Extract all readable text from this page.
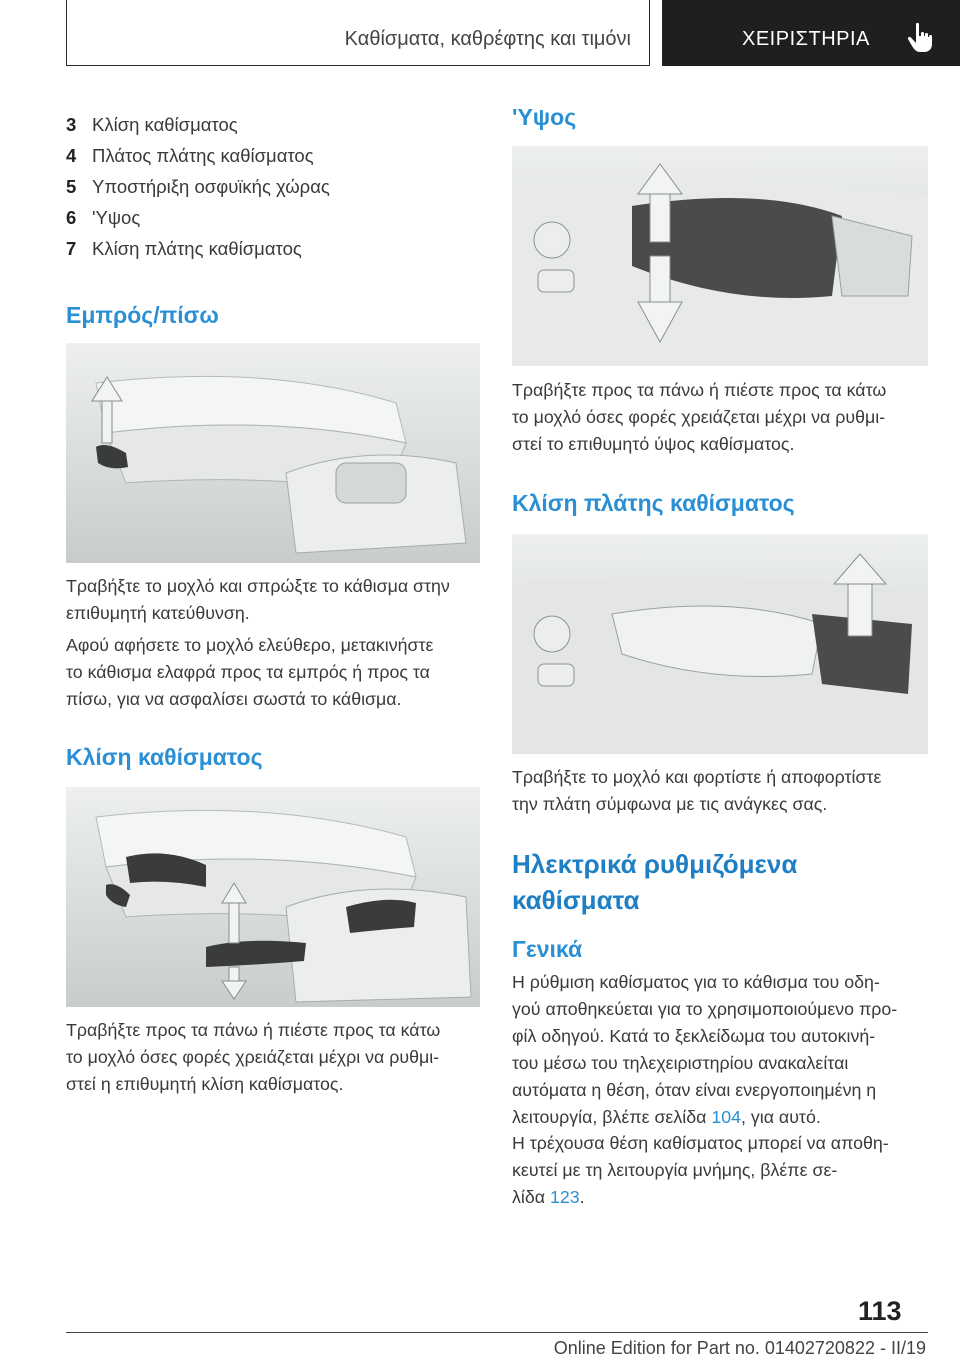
Καθίσματα, καθρέφτης και τιμόνι	ΧΕΙΡΙΣΤΗΡΙΑ
3 Κλίση καθίσματος
4 Πλάτος πλάτης καθίσματος
5 Υποστήριξη οσφυϊκής χώρας
6 'Υψος
7 Κλίση πλάτης καθίσματος
Εμπρός/πίσω
Τραβήξτε το μοχλό και σπρώξτε το κάθισμα στην
επιθυμητή κατεύθυνση.
Αφού αφήσετε το μοχλό ελεύθερο, μετακινήστε
το κάθισμα ελαφρά προς τα εμπρός ή προς τα
πίσω, για να ασφαλίσει σωστά το κάθισμα.
Κλίση καθίσματος
Τραβήξτε προς τα πάνω ή πιέστε προς τα κάτω
το μοχλό όσες φορές χρειάζεται μέχρι να ρυθμι-
στεί η επιθυμητή κλίση καθίσματος.
'Υψος
Τραβήξτε προς τα πάνω ή πιέστε προς τα κάτω
το μοχλό όσες φορές χρειάζεται μέχρι να ρυθμι-
στεί το επιθυμητό ύψος καθίσματος.
Κλίση πλάτης καθίσματος
Τραβήξτε το μοχλό και φορτίστε ή αποφορτίστε
την πλάτη σύμφωνα με τις ανάγκες σας.
Ηλεκτρικά ρυθμιζόμενα
καθίσματα
Γενικά
Η ρύθμιση καθίσματος για το κάθισμα του οδη-
γού αποθηκεύεται για το χρησιμοποιούμενο προ-
φίλ οδηγού. Κατά το ξεκλείδωμα του αυτοκινή-
του μέσω του τηλεχειριστηρίου ανακαλείται
αυτόματα η θέση, όταν είναι ενεργοποιημένη η
λειτουργία, βλέπε σελίδα 104, για αυτό.
Η τρέχουσα θέση καθίσματος μπορεί να αποθη-
κευτεί με τη λειτουργία μνήμης, βλέπε σε-
λίδα 123.
113
Online Edition for Part no. 01402720822 - II/19
